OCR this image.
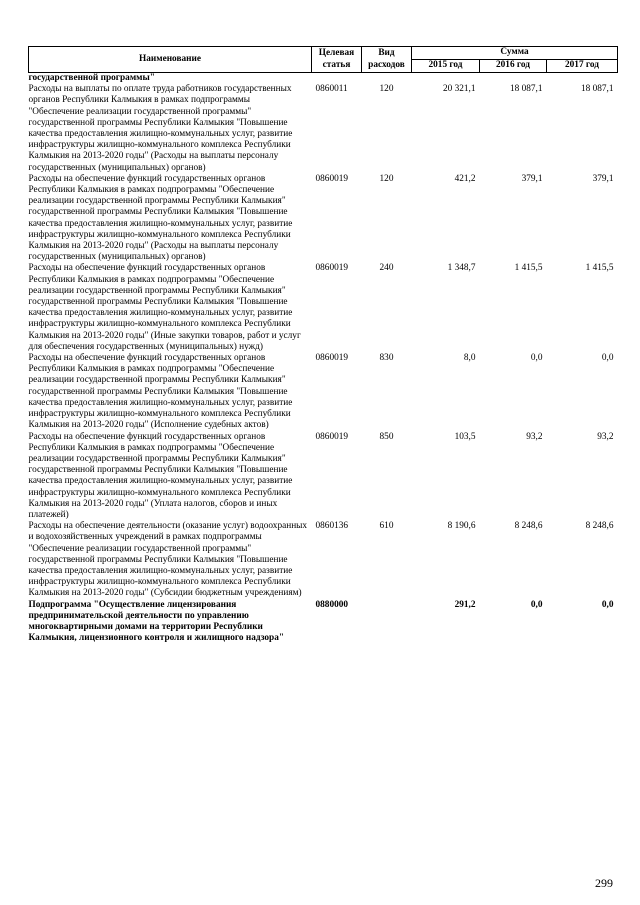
Наименование	Целевая статья	Вид расходов	Сумма		
			2015 год	2016 год	2017 год
государственной программы"					
Расходы на выплаты по оплате труда работников государственных органов Республики Калмыкия в рамках подпрограммы "Обеспечение реализации государственной программы" государственной программы Республики Калмыкия "Повышение качества предоставления жилищно-коммунальных услуг, развитие инфраструктуры жилищно-коммунального комплекса Республики Калмыкия на 2013-2020 годы" (Расходы на выплаты персоналу государственных (муниципальных) органов)	0860011	120	20 321,1	18 087,1	18 087,1
Расходы на обеспечение функций государственных органов Республики Калмыкия в рамках подпрограммы "Обеспечение реализации государственной программы Республики Калмыкия" государственной программы Республики Калмыкия "Повышение качества предоставления жилищно-коммунальных услуг, развитие инфраструктуры жилищно-коммунального комплекса Республики Калмыкия на 2013-2020 годы" (Расходы на выплаты персоналу государственных (муниципальных) органов)	0860019	120	421,2	379,1	379,1
Расходы на обеспечение функций государственных органов Республики Калмыкия в рамках подпрограммы "Обеспечение реализации государственной программы Республики Калмыкия" государственной программы Республики Калмыкия "Повышение качества предоставления жилищно-коммунальных услуг, развитие инфраструктуры жилищно-коммунального комплекса Республики Калмыкия на 2013-2020 годы" (Иные закупки товаров, работ и услуг для обеспечения государственных (муниципальных) нужд)	0860019	240	1 348,7	1 415,5	1 415,5
Расходы на обеспечение функций государственных органов Республики Калмыкия в рамках подпрограммы "Обеспечение реализации государственной программы Республики Калмыкия" государственной программы Республики Калмыкия "Повышение качества предоставления жилищно-коммунальных услуг, развитие инфраструктуры жилищно-коммунального комплекса Республики Калмыкия на 2013-2020 годы" (Исполнение судебных актов)	0860019	830	8,0	0,0	0,0
Расходы на обеспечение функций государственных органов Республики Калмыкия в рамках подпрограммы "Обеспечение реализации государственной программы Республики Калмыкия" государственной программы Республики Калмыкия "Повышение качества предоставления жилищно-коммунальных услуг, развитие инфраструктуры жилищно-коммунального комплекса Республики Калмыкия на 2013-2020 годы" (Уплата налогов, сборов и иных платежей)	0860019	850	103,5	93,2	93,2
Расходы на обеспечение деятельности (оказание услуг) водоохранных и водохозяйственных учреждений в рамках подпрограммы "Обеспечение реализации государственной программы" государственной программы Республики Калмыкия "Повышение качества предоставления жилищно-коммунальных услуг, развитие инфраструктуры жилищно-коммунального комплекса Республики Калмыкия на 2013-2020 годы" (Субсидии бюджетным учреждениям)	0860136	610	8 190,6	8 248,6	8 248,6
Подпрограмма "Осуществление лицензирования предпринимательской деятельности по управлению многоквартирными домами на территории Республики Калмыкия, лицензионного контроля и жилищного надзора"	0880000		291,2	0,0	0,0
299
